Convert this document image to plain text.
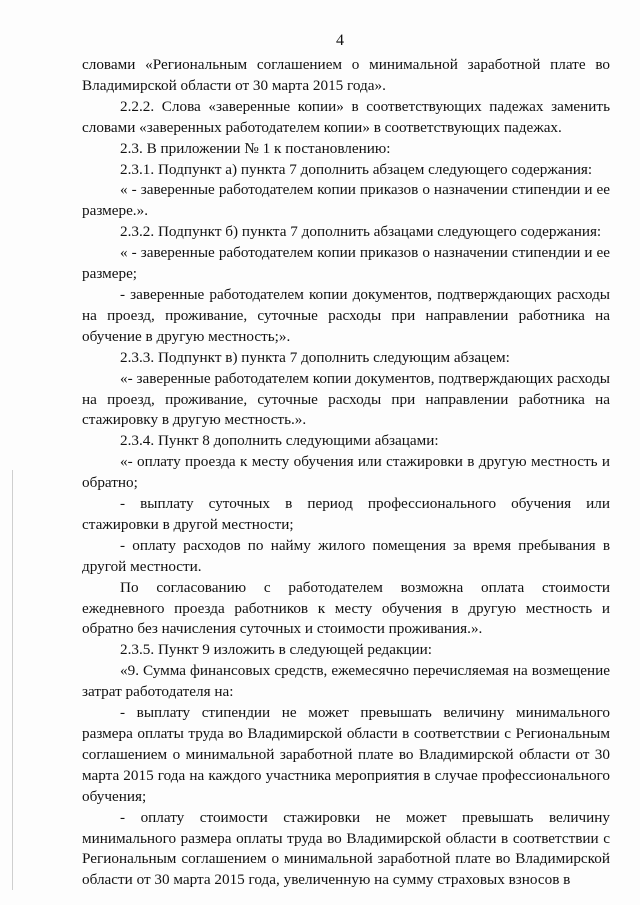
4

словами «Региональным соглашением о минимальной заработной плате во Владимирской области от 30 марта 2015 года».

2.2.2. Слова «заверенные копии» в соответствующих падежах заменить словами «заверенных работодателем копии» в соответствующих падежах.

2.3. В приложении № 1 к постановлению:

2.3.1. Подпункт а) пункта 7 дополнить абзацем следующего содержания:

« - заверенные работодателем копии приказов о назначении стипендии и ее размере.».

2.3.2. Подпункт б) пункта 7 дополнить абзацами следующего содержания:

« - заверенные работодателем копии приказов о назначении стипендии и ее размере;

- заверенные работодателем копии документов, подтверждающих расходы на проезд, проживание, суточные расходы при направлении работника на обучение в другую местность;».

2.3.3. Подпункт в) пункта 7 дополнить следующим абзацем:

«- заверенные работодателем копии документов, подтверждающих расходы на проезд, проживание, суточные расходы при направлении работника на стажировку в другую местность.».

2.3.4. Пункт 8 дополнить следующими абзацами:

«- оплату проезда к месту обучения или стажировки в другую местность и обратно;

- выплату суточных в период профессионального обучения или стажировки в другой местности;

- оплату расходов по найму жилого помещения за время пребывания в другой местности.

По согласованию с работодателем возможна оплата стоимости ежедневного проезда работников к месту обучения в другую местность и обратно без начисления суточных и стоимости проживания.».

2.3.5. Пункт 9 изложить в следующей редакции:

«9. Сумма финансовых средств, ежемесячно перечисляемая на возмещение затрат работодателя на:

- выплату стипендии не может превышать величину минимального размера оплаты труда во Владимирской области в соответствии с Региональным соглашением о минимальной заработной плате во Владимирской области от 30 марта 2015 года на каждого участника мероприятия в случае профессионального обучения;

- оплату стоимости стажировки не может превышать величину минимального размера оплаты труда во Владимирской области в соответствии с Региональным соглашением о минимальной заработной плате во Владимирской области от 30 марта 2015 года, увеличенную на сумму страховых взносов в
